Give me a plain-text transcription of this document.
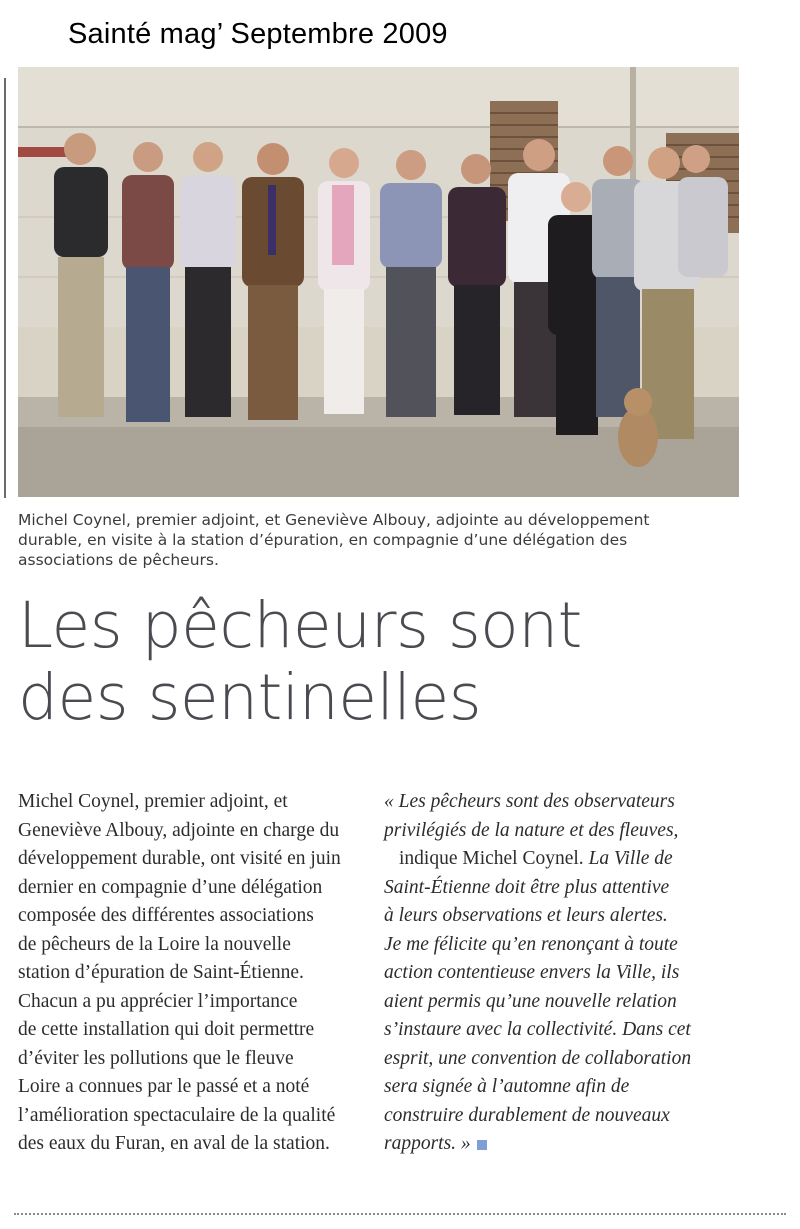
Sainté mag’ Septembre 2009
Michel Coynel, premier adjoint, et Geneviève Albouy, adjointe au développement
durable, en visite à la station d’épuration, en compagnie d’une délégation des
associations de pêcheurs.
Les pêcheurs sont
des sentinelles
Michel Coynel, premier adjoint, et
Geneviève Albouy, adjointe en charge du
développement durable, ont visité en juin
dernier en compagnie d’une délégation
composée des différentes associations
de pêcheurs de la Loire la nouvelle
station d’épuration de Saint-Étienne.
Chacun a pu apprécier l’importance
de cette installation qui doit permettre
d’éviter les pollutions que le fleuve
Loire a connues par le passé et a noté
l’amélioration spectaculaire de la qualité
des eaux du Furan, en aval de la station.
« Les pêcheurs sont des observateurs
privilégiés de la nature et des fleuves,
indique Michel Coynel. La Ville de
Saint-Étienne doit être plus attentive
à leurs observations et leurs alertes.
Je me félicite qu’en renonçant à toute
action contentieuse envers la Ville, ils
aient permis qu’une nouvelle relation
s’instaure avec la collectivité. Dans cet
esprit, une convention de collaboration
sera signée à l’automne afin de
construire durablement de nouveaux
rapports. »
